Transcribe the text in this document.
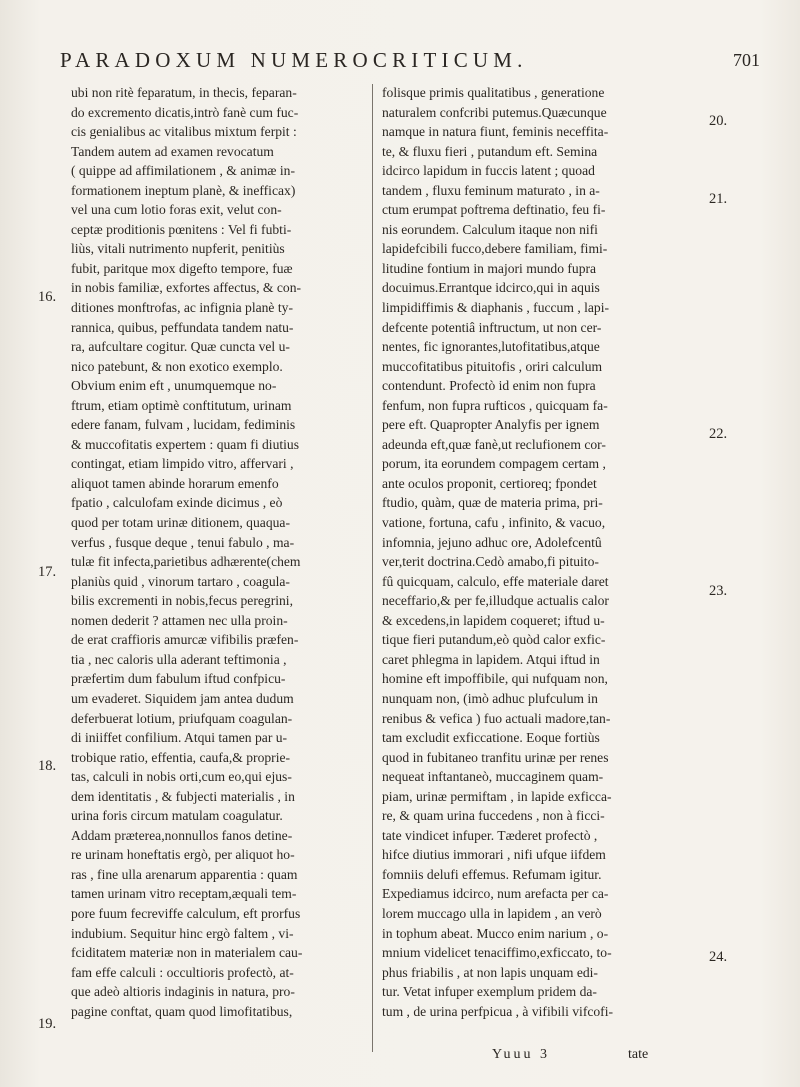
PARADOXUM NUMEROCRITICUM.	701
ubi non ritè feparatum, in thecis, feparan-
do excremento dicatis,intrò fanè cum fuc-
cis genialibus ac vitalibus mixtum ferpit :
Tandem autem ad examen revocatum
( quippe ad affimilationem , & animæ in-
formationem ineptum planè, & inefficax)
vel una cum lotio foras exit, velut con-
ceptæ proditionis pœnitens : Vel fi fubti-
liùs, vitali nutrimento nupferit, penitiùs
fubit, paritque mox digefto tempore, fuæ
in nobis familiæ, exfortes affectus, & con-
ditiones monftrofas, ac infignia planè ty-
rannica, quibus, peffundata tandem natu-
ra, aufcultare cogitur. Quæ cuncta vel u-
nico patebunt, & non exotico exemplo.
Obvium enim eft , unumquemque no-
ftrum, etiam optimè conftitutum, urinam
edere fanam, fulvam , lucidam, fediminis
& muccofitatis expertem : quam fi diutius
contingat, etiam limpido vitro, affervari ,
aliquot tamen abinde horarum emenfo
fpatio , calculofam exinde dicimus , eò
quod per totam urinæ ditionem, quaqua-
verfus , fusque deque , tenui fabulo , ma-
tulæ fit infecta,parietibus adhærente(chem
planiùs quid , vinorum tartaro , coagula-
bilis excrementi in nobis,fecus peregrini,
nomen dederit ? attamen nec ulla proin-
de erat craffioris amurcæ vifibilis præfen-
tia , nec caloris ulla aderant teftimonia ,
præfertim dum fabulum iftud confpicu-
um evaderet. Siquidem jam antea dudum
deferbuerat lotium, priufquam coagulan-
di iniiffet confilium. Atqui tamen par u-
trobique ratio, effentia, caufa,& proprie-
tas, calculi in nobis orti,cum eo,qui ejus-
dem identitatis , & fubjecti materialis , in
urina foris circum matulam coagulatur.
Addam præterea,nonnullos fanos detine-
re urinam honeftatis ergò, per aliquot ho-
ras , fine ulla arenarum apparentia : quam
tamen urinam vitro receptam,æquali tem-
pore fuum fecreviffe calculum, eft prorfus
indubium. Sequitur hinc ergò faltem , vi-
fciditatem materiæ non in materialem cau-
fam effe calculi : occultioris profectò, at-
que adeò altioris indaginis in natura, pro-
pagine conftat, quam quod limofitatibus,
folisque primis qualitatibus , generatione
naturalem confcribi putemus.Quæcunque
namque in natura fiunt, feminis neceffita-
te, & fluxu fieri , putandum eft. Semina
idcirco lapidum in fuccis latent ; quoad
tandem , fluxu feminum maturato , in a-
ctum erumpat poftrema deftinatio, feu fi-
nis eorundem. Calculum itaque non nifi
lapidefcibili fucco,debere familiam, fimi-
litudine fontium in majori mundo fupra
docuimus.Errantque idcirco,qui in aquis
limpidiffimis & diaphanis , fuccum , lapi-
defcente potentiâ inftructum, ut non cer-
nentes, fic ignorantes,lutofitatibus,atque
muccofitatibus pituitofis , oriri calculum
contendunt. Profectò id enim non fupra
fenfum, non fupra rufticos , quicquam fa-
pere eft. Quapropter Analyfis per ignem
adeunda eft,quæ fanè,ut reclufionem cor-
porum, ita eorundem compagem certam ,
ante oculos proponit, certioreq; fpondet
ftudio, quàm, quæ de materia prima, pri-
vatione, fortuna, cafu , infinito, & vacuo,
infomnia, jejuno adhuc ore, Adolefcentû
ver,terit doctrina.Cedò amabo,fi pituito-
fû quicquam, calculo, effe materiale daret
neceffario,& per fe,illudque actualis calor
& excedens,in lapidem coqueret; iftud u-
tique fieri putandum,eò quòd calor exfic-
caret phlegma in lapidem. Atqui iftud in
homine eft impoffibile, qui nufquam non,
nunquam non, (imò adhuc plufculum in
renibus & vefica ) fuo actuali madore,tan-
tam excludit exficcatione. Eoque fortiùs
quod in fubitaneo tranfitu urinæ per renes
nequeat inftantaneò, muccaginem quam-
piam, urinæ permiftam , in lapide exficca-
re, & quam urina fuccedens , non à ficci-
tate vindicet infuper. Tæderet profectò ,
hifce diutius immorari , nifi ufque iifdem
fomniis delufi effemus. Refumam igitur.
Expediamus idcirco, num arefacta per ca-
lorem muccago ulla in lapidem , an verò
in tophum abeat. Mucco enim narium , o-
mnium videlicet tenaciffimo,exficcato, to-
phus friabilis , at non lapis unquam edi-
tur. Vetat infuper exemplum pridem da-
tum , de urina perfpicua , à vifibili vifcofi-
16.
17.
18.
19.
20.
21.
22.
23.
24.
Yuuu 3	tate
